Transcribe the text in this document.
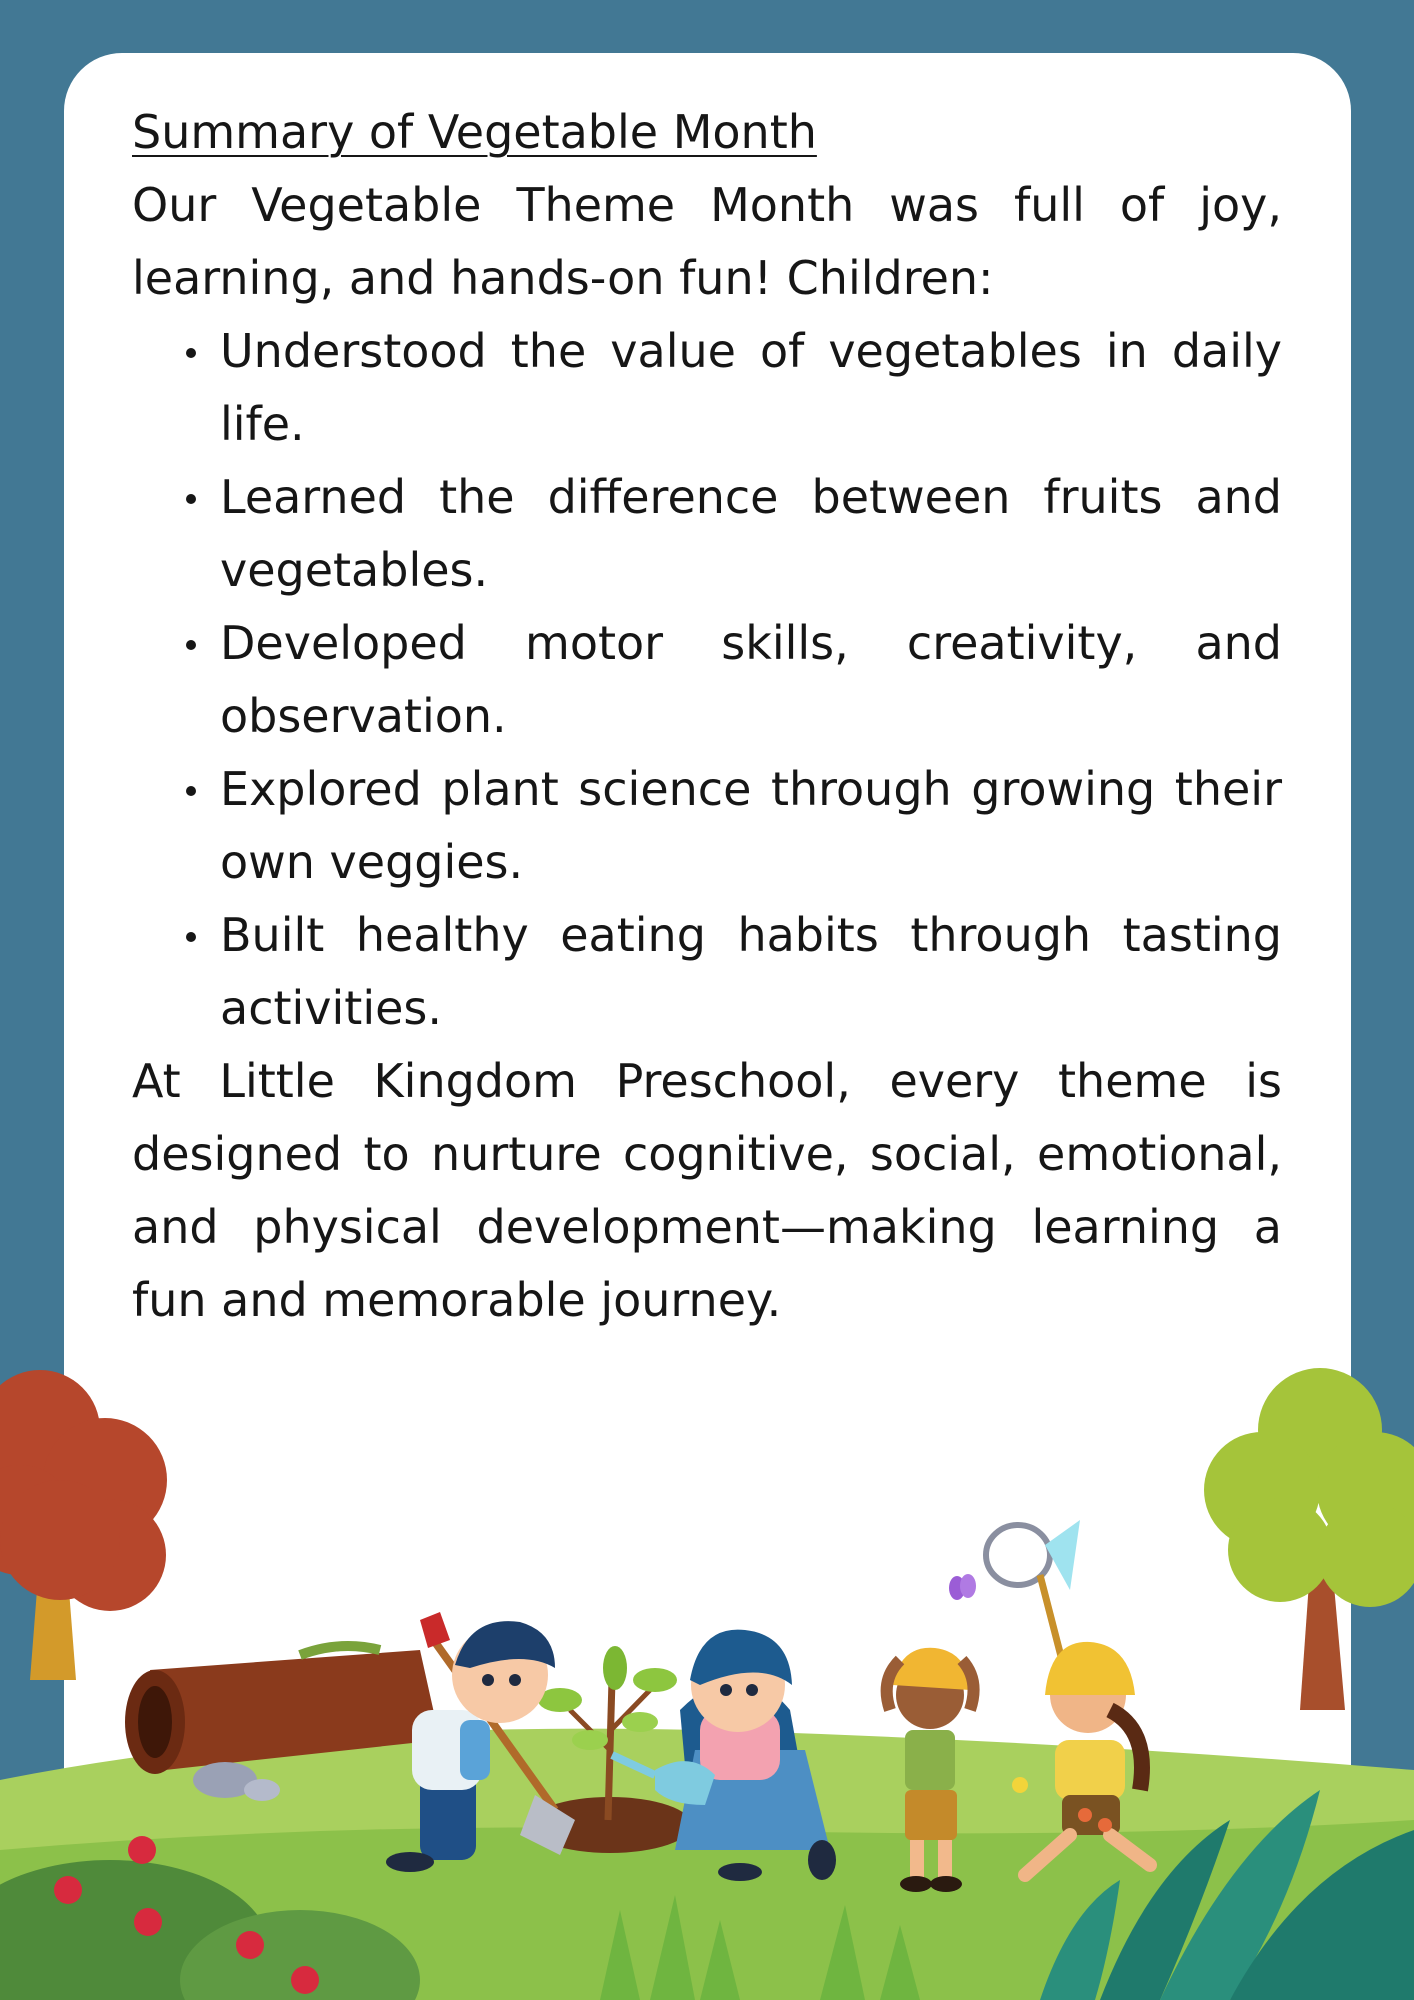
Summary of Vegetable Month

Our Vegetable Theme Month was full of joy, learning, and hands-on fun! Children:

Understood the value of vegetables in daily life.
Learned the difference between fruits and vegetables.
Developed motor skills, creativity, and observation.
Explored plant science through growing their own veggies.
Built healthy eating habits through tasting activities.

At Little Kingdom Preschool, every theme is designed to nurture cognitive, social, emotional, and physical development—making learning a fun and memorable journey.
